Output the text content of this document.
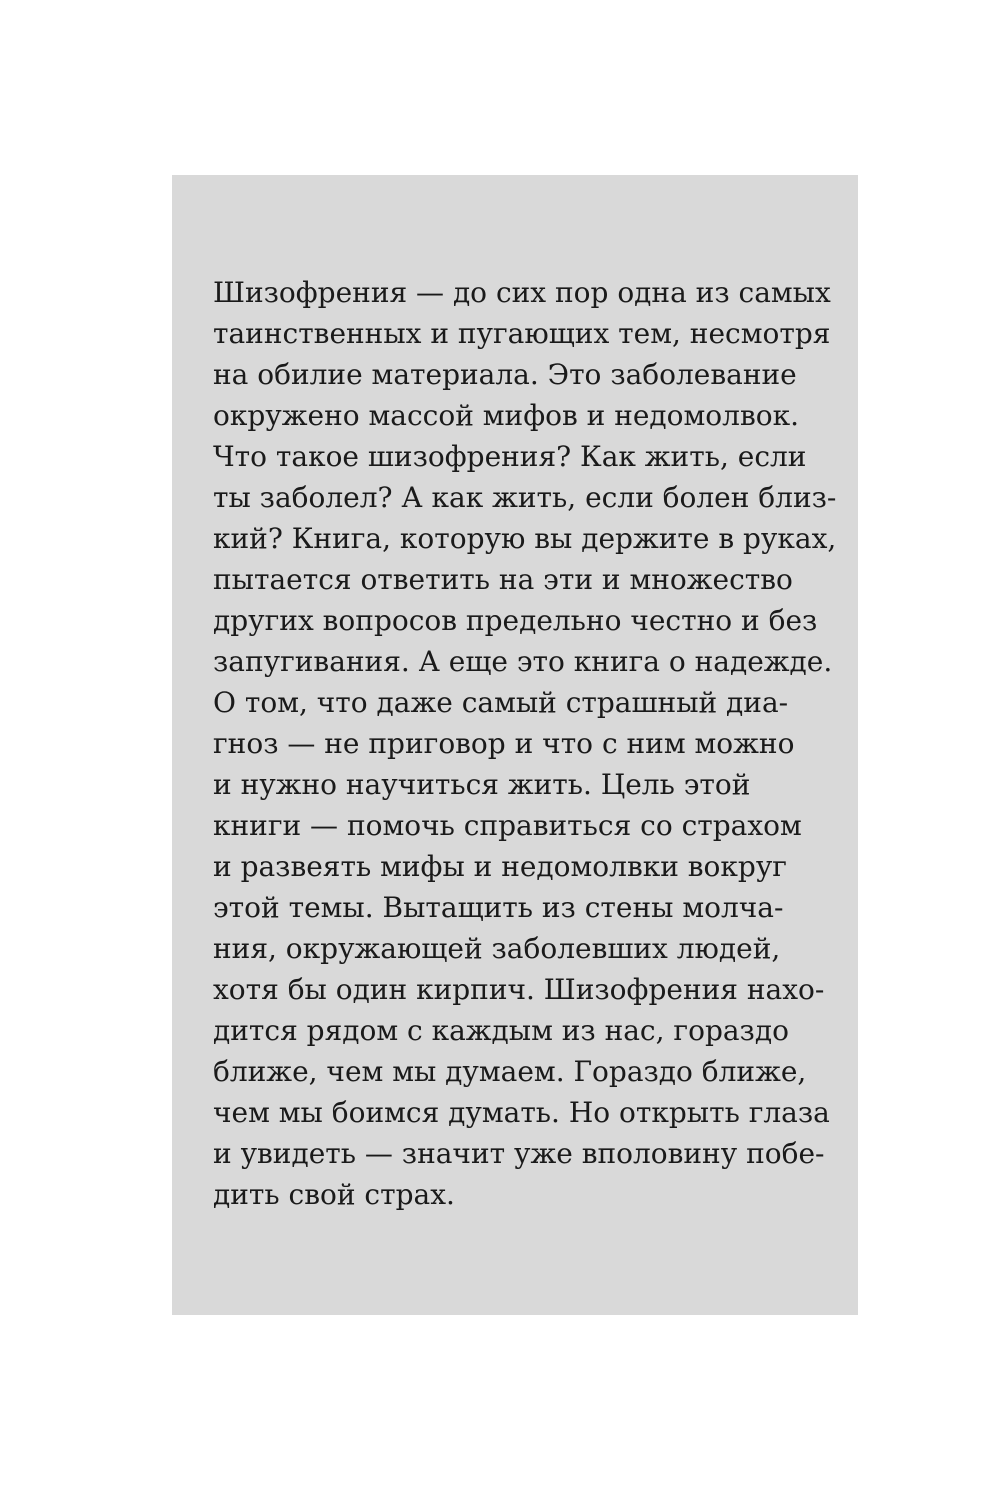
Шизофрения — до сих пор одна из самых
таинственных и пугающих тем, несмотря
на обилие материала. Это заболевание
окружено массой мифов и недомолвок.
Что такое шизофрения? Как жить, если
ты заболел? А как жить, если болен близ-
кий? Книга, которую вы держите в руках,
пытается ответить на эти и множество
других вопросов предельно честно и без
запугивания. А еще это книга о надежде.
О том, что даже самый страшный диа-
гноз — не приговор и что с ним можно
и нужно научиться жить. Цель этой
книги — помочь справиться со страхом
и развеять мифы и недомолвки вокруг
этой темы. Вытащить из стены молча-
ния, окружающей заболевших людей,
хотя бы один кирпич. Шизофрения нахо-
дится рядом с каждым из нас, гораздо
ближе, чем мы думаем. Гораздо ближе,
чем мы боимся думать. Но открыть глаза
и увидеть — значит уже вполовину побе-
дить свой страх.
